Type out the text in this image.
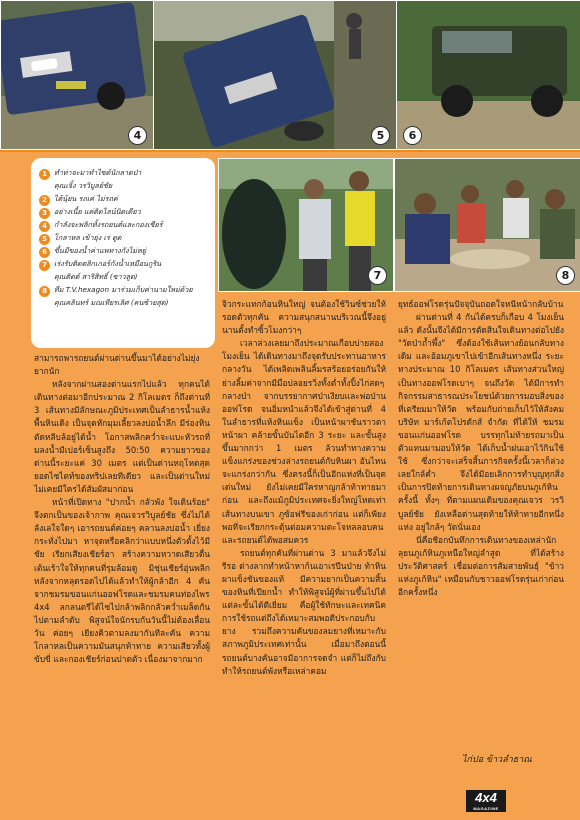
4	5	6
1 ทำท่าจะมาทำไซด์นักลาดป่า
คุณเจิ้ง วรวิบูลย์ชัย
2 ไต้นุ้ยน รถเค่ ไม่รถค่
3 อย่างเนี้ย แค่ติดไลน์นิดเดียว
4 กำลังจะพลิกทั้งรถยนต์และกองเชียร์
5 โกลาหล เข้ายุ่ง เร่ ดูด
6 ขึ้นมีของน้ำค่าแพทางกังไม่หยู่
7 เร่งรับติดตลิกเกอร์กังน้ำเหมือนกูริน
คุณติดต์ สาริสิทธิ์ (ซาวลูด)
8 ทีม T.V.hexagon มาร่วมเก็บค่านามใหม่ด้วย
คุณคลินทร์ มณเทียรเลิศ (คนซ้ายสุด)
7	8

สามารถพารถยนต์ผ่านด่านขึ้นมาได้อย่างไม่ยุ่งยากนัก

หลังจากผ่านสองด่านแรกไปแล้ว ทุกคนได้เดินทางต่อมาอีกประมาณ 2 กิโลเมตร ก็ถึงด่านที่ 3 เส้นทางมีลักษณะภูมิประเทศเป็นลำธารน้ำแห้ง พื้นหินเดิง เป็นจุดหักมุมเลี้ยวลงบ่อน้ำลึก มีร่องหินตัดหลีบล้อยู่ได้น้ำ โอกาสพลิกคว่ำจะแบะหัวรถที่มลงน้ำมีเปอร์เซ็นสูงถึง 50:50 ความยาวของด่านนี้ระยะแค่ 30 เมตร แต่เป็นด่านหฤโหดสุดยอดไซไตท์ของทริปเลยทีเดียว และเป็นด่านใหม่ไม่เคยมีใครได้สัมผัสมาก่อน

หน้าที่เปิดทาง "ปากน้ำ กลัวพัง ใจเดินร้อย" จึงตกเป็นของเจ้ากาพ คุณเจวรวิบูลย์ชัย ซึ่งไม่ได้ลังเลใจใดๆ เอารถยนต์ค่อยๆ คลานลงบ่อน้ำ เยี่ยงกระทั่งไปมา หาจุดหรือคลิกว่าแบบหนึ่งตัวตั้งไว้มีชัย เรียกเสียงเชียร์ฮา สร้างความหวาดเสียวตื่นเต้นเร้าใจให้ทุกคนที่รุมล้อมดู มิชุ่นเชียร์อุ่นพลิก หลังจากหลุดรอดไปได้แล้วทำให้ผู้กล้าอีก 4 คันจากชมรมขอนแก่นออฟโรดและชมรมคนท่องไพร 4x4 ลกลนตรีได้ไซไปกล้าพลิกกลัวคว่ำเมล็ดกันไปตามลำดับ พิสูจน์ใจนักรบกันวันนี้ไม่ต้องเลื่อนวัน ค่อยๆ เยียงคิวตามลงมากันทีละคัน ความโกลาหลเป็นความมันสนุกท้าทาย ความเสียวทั้งผู้ขับขี่ และกองเชียร์ก่อนปาดตัว เนื่องมาจากมาก

จิวกระแทกก้อนหินใหญ่ จนต้องใช้วินซ์ช่วยให้รอดตัวทุกคัน ความสนุกสนานบริเวณนี้จึงอยู่นานตั้งทำซิ้วโมงกว่าๆ

เวลาล่วงเลยมาถึงประมาณเกือบบ่ายสองโมงเย็น ได้เดินทางมาถึงจุดรับประทานอาหารกลางวัน ได้เพลิดเพลินลิ้มรสร้อยอร่อยกันให้ย่างลิ้มค่าจากมีมือปลอยรวิ่งทั้งต่ำทั้งปิ้งไก่สดๆ กลางป่า จากบรรยากาศป่าเงียบและพ่อป่านออฟโรด จนอิ่มหนำแล้วจึงได้เข้าสู่ด่านที่ 4 ในลำธารที่แห้งหินแข็ง เป็นหน้าผาชันราวตาหน้าผา คล้ายขั้นบันไดอีก 3 ระยะ และขั้นสูงขึ้นมากกว่า 1 เมตร ล้วนทำทางความแข็งแกร่งของช่วงล่างรถยนต์กับหินผา อันไหนจะแกร่งกว่ากัน ซึ่งตรงนี้ก็เป็นอีกแห่งที่เป็นจุดเด่นใหม่ ยังไม่เคยมีใครหาญกล้าท้าทายมาก่อน และถึงแม้ภูมิประเทศจะยิ่งใหญ่โหดเท่าเส้นทางบนเขา ภูซ้อฟรีของเก่าก่อน แต่ก็เพียงพอที่จะเรียกกระตุ้นต่อมความตะโจหลลอบคนและรถยนต์ได้พอสมควร

รถยนต์ทุกคันที่ผ่านด่าน 3 มาแล้วจึงไม่รีรอ ต่างลากทำหน้าหาก้นเอาเรปีนป่าย ท้าหินผาแข็งชันของแท้ มีความยากเป็นความสิ้นของหินที่เปียกน้ำ ทำให้พิสูจน์ผู้ที่ผ่านขึ้นไปได้แต่ละขั้นได้ดีเยี่ยม คือผู้ใช้ทักษะและเทคนิคการใช้รถแต่ถึงได้เหมาะสมพอดีประกอบกับยาง รวมถึงความคันของลมยางที่เหมาะกับสภาพภูมิประเทศเท่านั้น เมื่อมาถึงตอนนี้รถยนต์บางคันอาจมีอาการจดจำ แต่ก็ไม่ถึงกับทำให้รถยนต์พังหรือเหล่าคอม

ยุทธ์ออฟโรดรุ่นปัจจุบันถอดใจหนีหน้ากลับบ้าน

ผ่านด่านที่ 4 กันได้ครบก็เกือบ 4 โมงเย็นแล้ว ดังนั้นจึงได้มีการตัดสินใจเดินทางต่อไปยัง "วัดป่าถ้ำพึ้ง" ซึ่งต้องใช้เส้นทางย้อนกลับทางเดิม และอ้อมภูเขาไปเข้าอีกเส้นทางหนึ่ง ระยะทางประมาณ 10 กิโลเมตร เส้นทางส่วนใหญ่เป็นทางออฟโรดเบาๆ จนถึงวัด ได้มีการทำกิจกรรมสาธารณประโยชน์ด้วยการมอบสิ่งของที่เตรียมมาให้วัด พร้อมกับถ่ายเก็บไว้ให้สังคม บริษัท มาร์เก้ตโปรดักส์ จำกัด ที่ได้ให้ ชมรมขอนแก่นออฟโรด บรรทุกไม่ท้ายรถมาเป็นตัวแทนมามอบให้วัด ได้เก็บน้ำฝนเอาไว้กินใช้ใช้ ซึ่งกว่าจะเสร็จสิ้นการกิจครั้งนี้เวลาก็ล่วงเลยใกล้ค่ำ จึงได้มีอยเลิกการทำบุญทุกสิ่งเป็นการปิดท้ายการเดินทางผจญภัยบนภูเก้หินครั้งนี้ ทั้งๆ ที่ตามแผนเดิมของคุณเจวร วรวิบูลย์ชัย ยังเหลือด่านสุดท้ายให้ท้าทายอีกหนึ่งแห่ง อยู่ใกล้ๆ วัดนั่นเอง

นี่คือชีอกบันทึกการเดินทางของเหล่านักลุยนภูเก้หินภูเหนือใหญ่ลำสูด ที่ได้สร้างประวัติศาสตร์ เชื่อมต่อการสัมสายพันธุ์ "ข้าวแห่งภูเก้หิน" เหมือนกับชาวออฟโรดรุ่นเก่าก่อน อีกครั้งหนึ่ง

ไก่ปอ ข้าวลำธาณ
4x4
MAGAZINE
